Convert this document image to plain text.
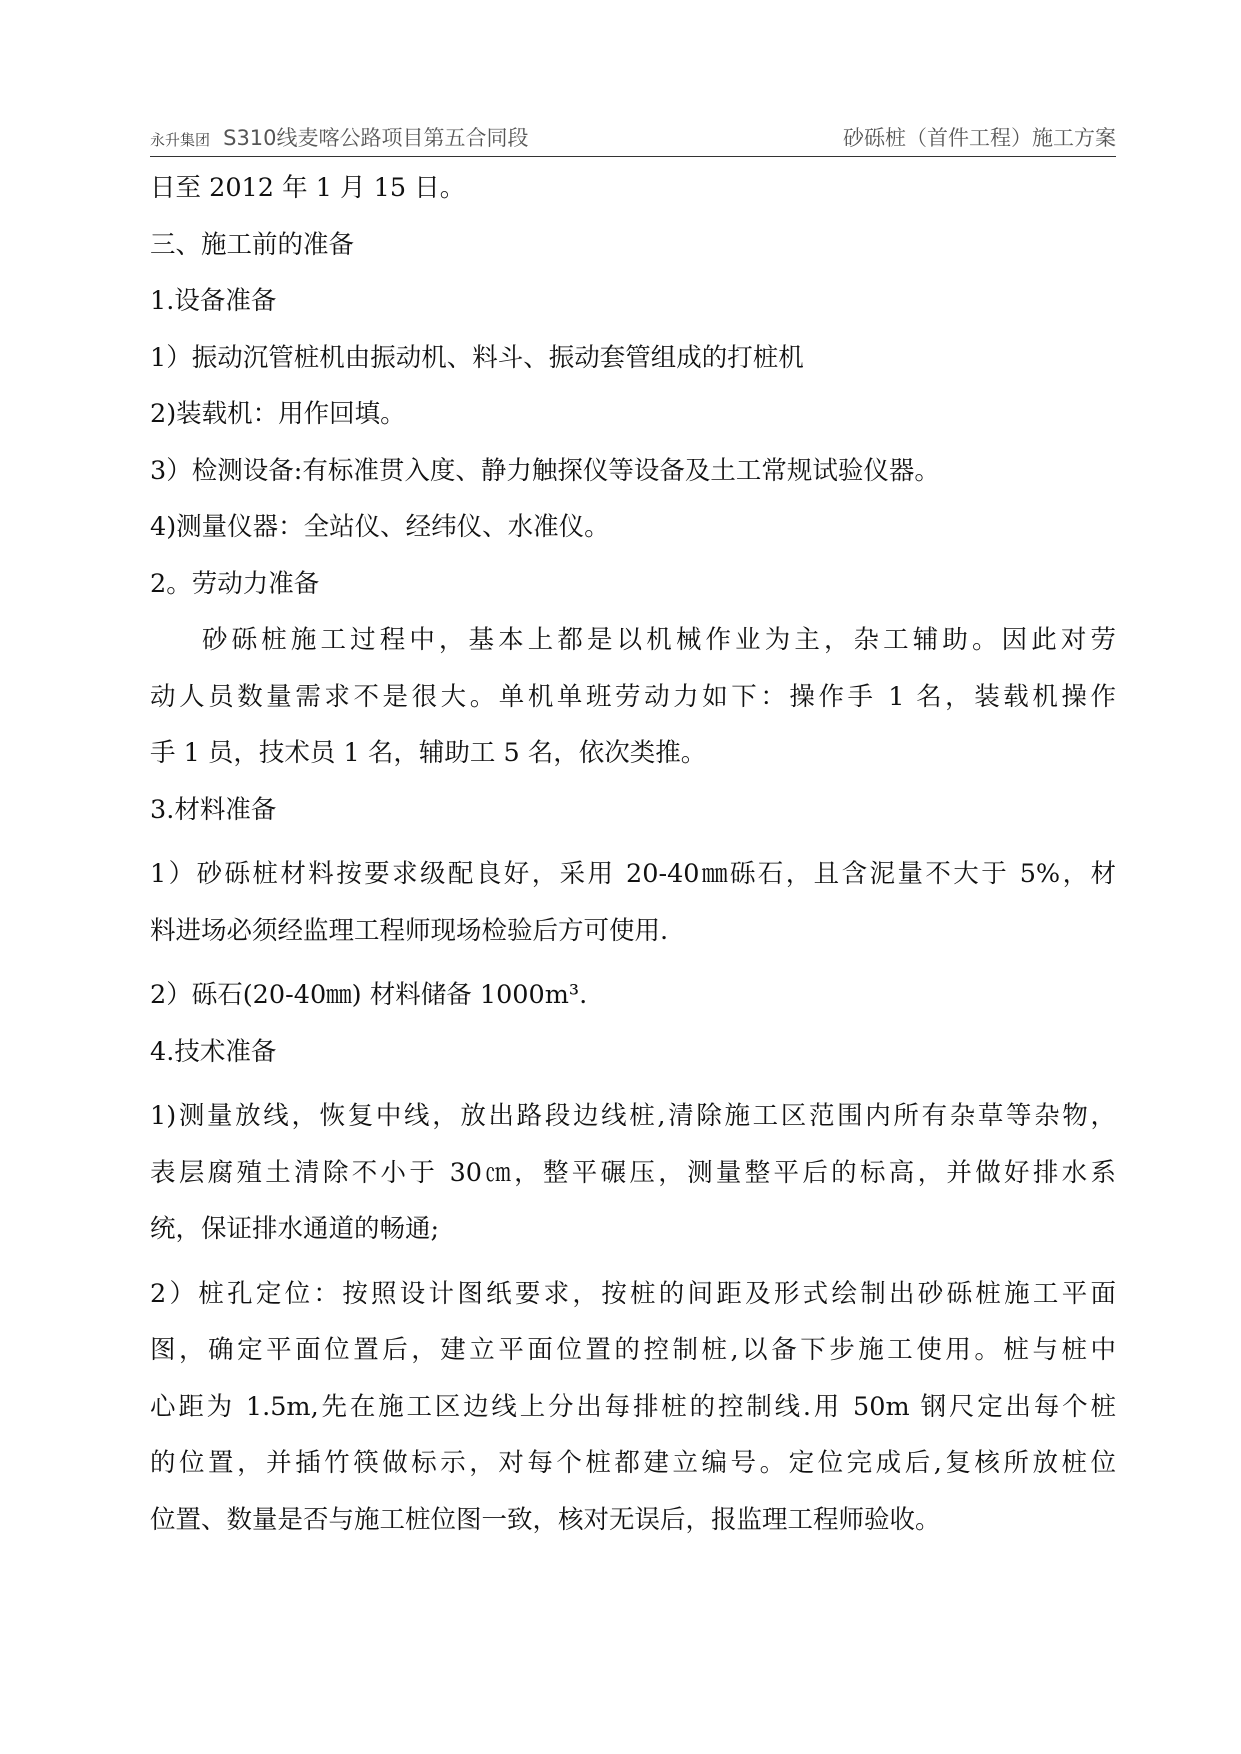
永升集团 S310线麦喀公路项目第五合同段	砂砾桩（首件工程）施工方案
日至 2012 年 1 月 15 日。
三、施工前的准备
1.设备准备
1）振动沉管桩机由振动机、料斗、振动套管组成的打桩机
2)装载机：用作回填。
3）检测设备:有标准贯入度、静力触探仪等设备及土工常规试验仪器。
4)测量仪器：全站仪、经纬仪、水准仪。
2。劳动力准备
砂砾桩施工过程中，基本上都是以机械作业为主，杂工辅助。因此对劳
动人员数量需求不是很大。单机单班劳动力如下：操作手 1 名，装载机操作
手 1 员，技术员 1 名，辅助工 5 名，依次类推。
3.材料准备
1）砂砾桩材料按要求级配良好，采用 20-40㎜砾石，且含泥量不大于 5%，材
料进场必须经监理工程师现场检验后方可使用.
2）砾石(20-40㎜) 材料储备 1000m³.
4.技术准备
1)测量放线，恢复中线，放出路段边线桩,清除施工区范围内所有杂草等杂物，
表层腐殖土清除不小于 30㎝，整平碾压，测量整平后的标高，并做好排水系
统，保证排水通道的畅通;
2）桩孔定位：按照设计图纸要求，按桩的间距及形式绘制出砂砾桩施工平面
图，确定平面位置后，建立平面位置的控制桩,以备下步施工使用。桩与桩中
心距为 1.5m,先在施工区边线上分出每排桩的控制线.用 50m 钢尺定出每个桩
的位置，并插竹筷做标示，对每个桩都建立编号。定位完成后,复核所放桩位
位置、数量是否与施工桩位图一致，核对无误后，报监理工程师验收。
